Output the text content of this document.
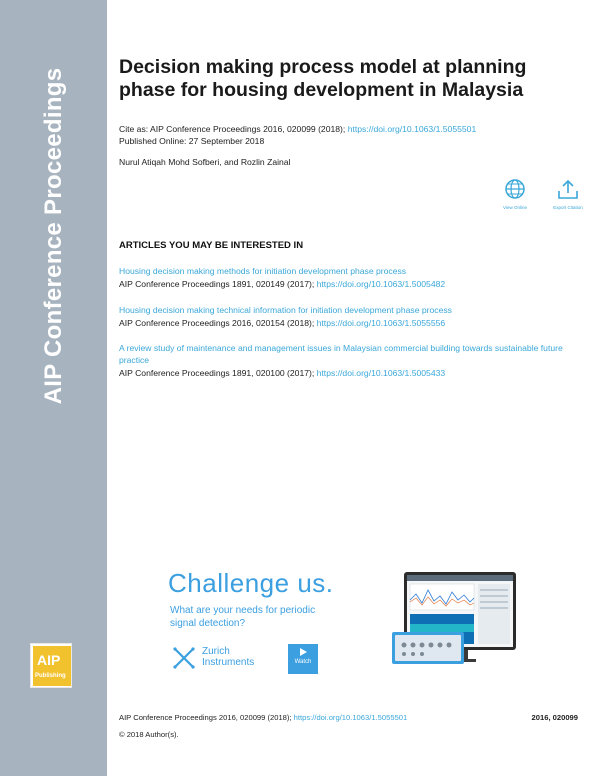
AIP Conference Proceedings
AIP
Publishing
Decision making process model at planning phase for housing development in Malaysia
Cite as: AIP Conference Proceedings 2016, 020099 (2018); https://doi.org/10.1063/1.5055501
Published Online: 27 September 2018
Nurul Atiqah Mohd Sofberi, and Rozlin Zainal
View Online	Export Citation
ARTICLES YOU MAY BE INTERESTED IN
Housing decision making methods for initiation development phase process
AIP Conference Proceedings 1891, 020149 (2017); https://doi.org/10.1063/1.5005482
Housing decision making technical information for initiation development phase process
AIP Conference Proceedings 2016, 020154 (2018); https://doi.org/10.1063/1.5055556
A review study of maintenance and management issues in Malaysian commercial building towards sustainable future practice
AIP Conference Proceedings 1891, 020100 (2017); https://doi.org/10.1063/1.5005433
Challenge us.
What are your needs for periodic signal detection?
Zurich Instruments	Watch
AIP Conference Proceedings 2016, 020099 (2018); https://doi.org/10.1063/1.5055501	2016, 020099
© 2018 Author(s).
